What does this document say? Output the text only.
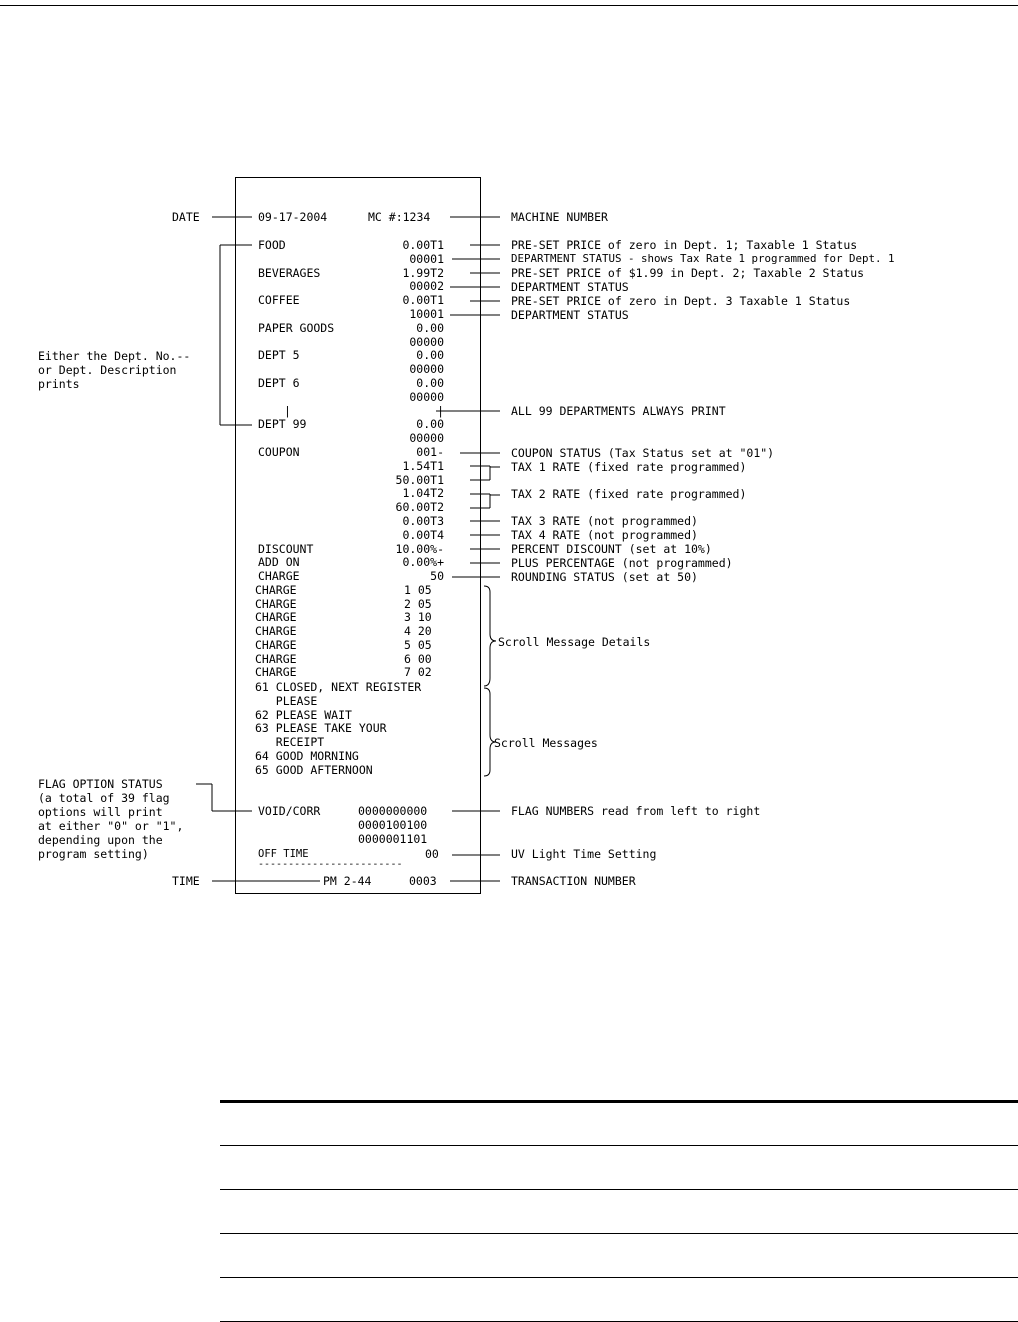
09-17-2004	MC #:1234
FOOD	0.00T1
00001
BEVERAGES	1.99T2
00002
COFFEE	0.00T1
10001
PAPER GOODS	0.00
00000
DEPT 5	0.00
00000
DEPT 6	0.00
00000
|	|
DEPT 99	0.00
00000
COUPON	001-
1.54T1
50.00T1
1.04T2
60.00T2
0.00T3
0.00T4
DISCOUNT	10.00%-
ADD ON	0.00%+
CHARGE	50
CHARGE	1 05
CHARGE	2 05
CHARGE	3 10
CHARGE	4 20
CHARGE	5 05
CHARGE	6 00
CHARGE	7 02
61 CLOSED, NEXT REGISTER
PLEASE
62 PLEASE WAIT
63 PLEASE TAKE YOUR
RECEIPT
64 GOOD MORNING
65 GOOD AFTERNOON
VOID/CORR	0000000000
0000100100
0000001101
OFF TIME	00
------------------------
PM 2-44	0003
DATE
Either the Dept. No.--
or Dept. Description
prints
FLAG OPTION STATUS
(a total of 39 flag
options will print
at either "0" or "1",
depending upon the
program setting)
TIME
MACHINE NUMBER
PRE-SET PRICE of zero in Dept. 1; Taxable 1 Status
DEPARTMENT STATUS - shows Tax Rate 1 programmed for Dept. 1
PRE-SET PRICE of $1.99 in Dept. 2; Taxable 2 Status
DEPARTMENT STATUS
PRE-SET PRICE of zero in Dept. 3 Taxable 1 Status
DEPARTMENT STATUS
ALL 99 DEPARTMENTS ALWAYS PRINT
COUPON STATUS (Tax Status set at "01")
TAX 1 RATE (fixed rate programmed)
TAX 2 RATE (fixed rate programmed)
TAX 3 RATE (not programmed)
TAX 4 RATE (not programmed)
PERCENT DISCOUNT (set at 10%)
PLUS PERCENTAGE (not programmed)
ROUNDING STATUS (set at 50)
Scroll Message Details
Scroll Messages
FLAG NUMBERS read from left to right
UV Light Time Setting
TRANSACTION NUMBER
